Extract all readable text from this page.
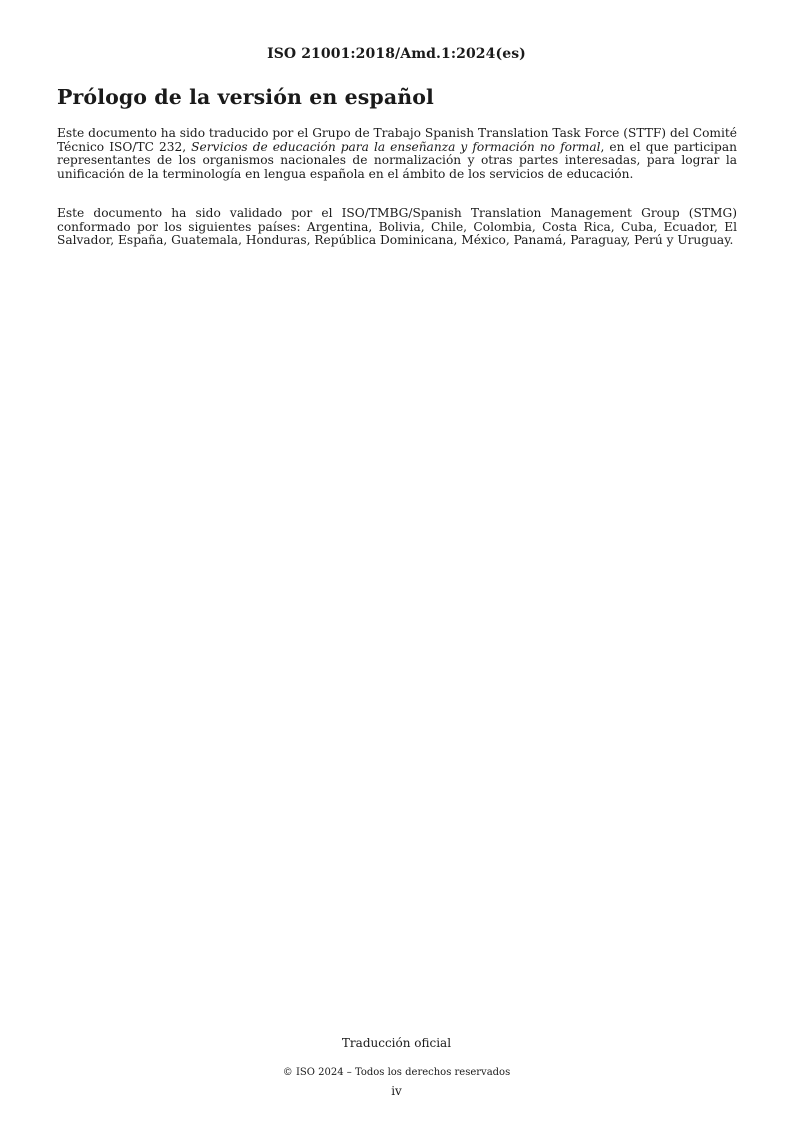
ISO 21001:2018/Amd.1:2024(es)
Prólogo de la versión en español

Este documento ha sido traducido por el Grupo de Trabajo Spanish Translation Task Force (STTF) del Comité Técnico ISO/TC 232, Servicios de educación para la enseñanza y formación no formal, en el que participan representantes de los organismos nacionales de normalización y otras partes interesadas, para lograr la unificación de la terminología en lengua española en el ámbito de los servicios de educación.

Este documento ha sido validado por el ISO/TMBG/Spanish Translation Management Group (STMG) conformado por los siguientes países: Argentina, Bolivia, Chile, Colombia, Costa Rica, Cuba, Ecuador, El Salvador, España, Guatemala, Honduras, República Dominicana, México, Panamá, Paraguay, Perú y Uruguay.

Traducción oficial
© ISO 2024 – Todos los derechos reservados
iv
